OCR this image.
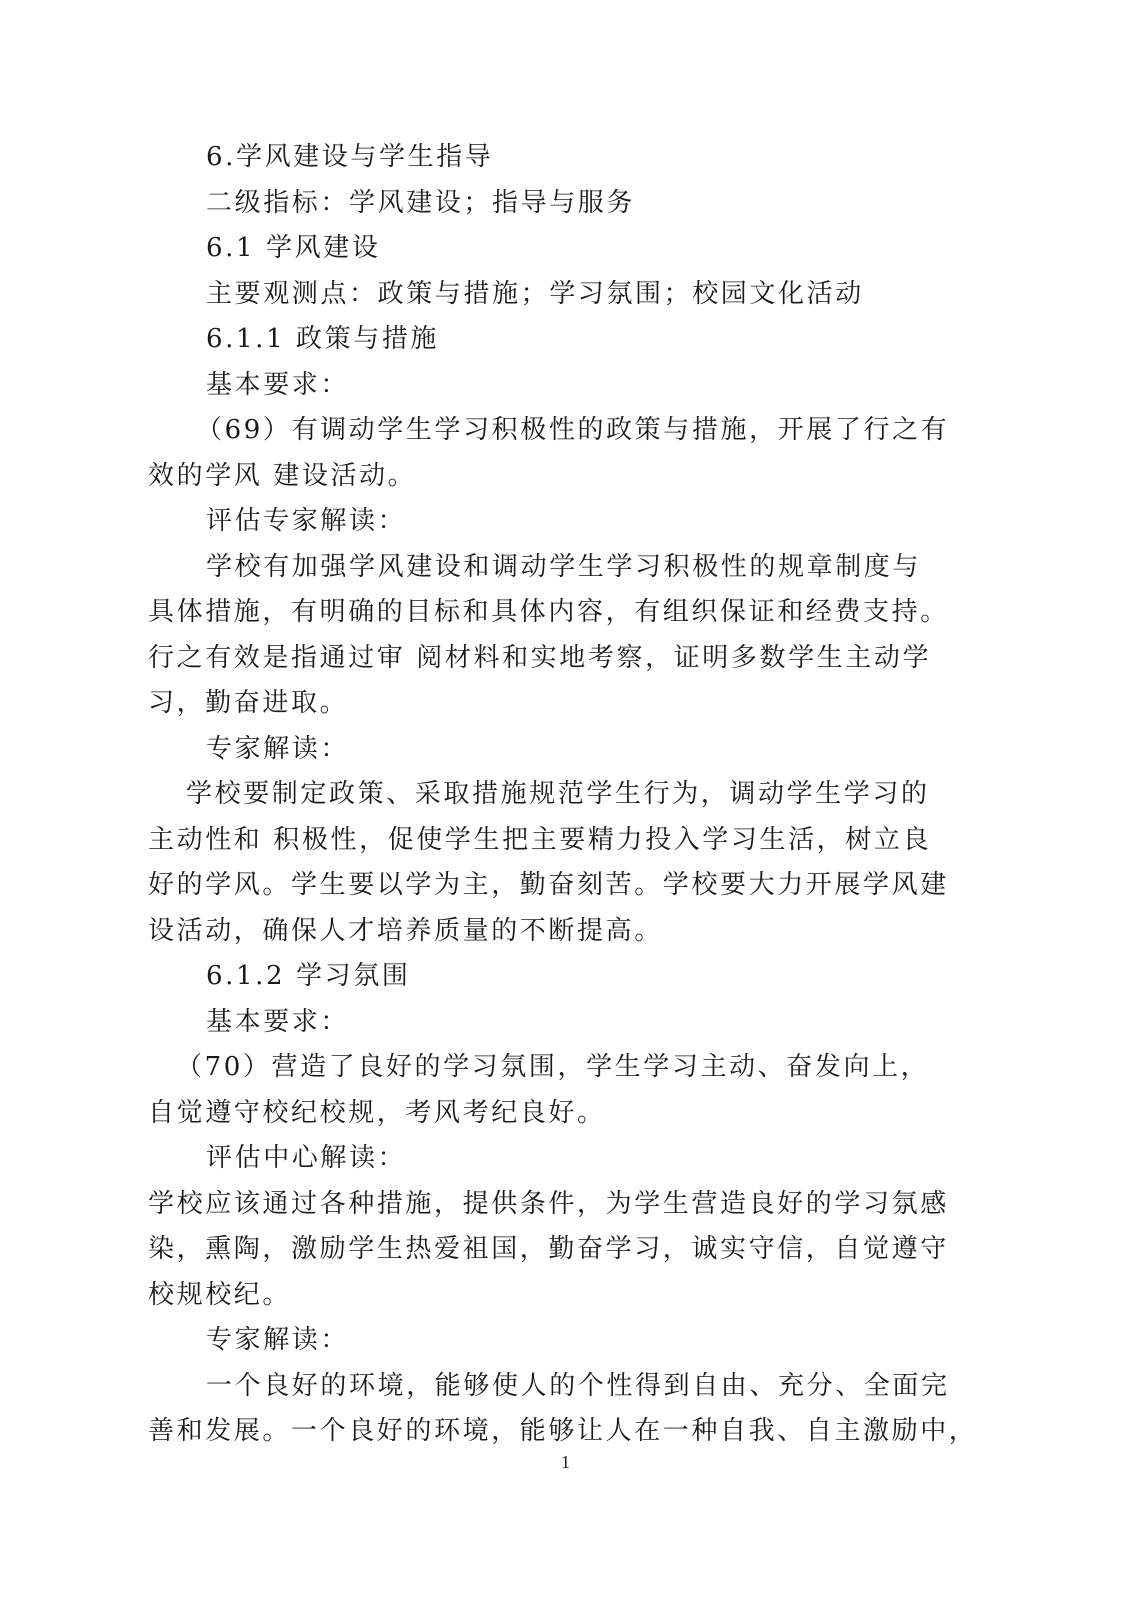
6.学风建设与学生指导
二级指标：学风建设；指导与服务
6.1 学风建设
主要观测点：政策与措施；学习氛围；校园文化活动
6.1.1 政策与措施
基本要求：
（69）有调动学生学习积极性的政策与措施，开展了行之有
效的学风 建设活动。
评估专家解读：
学校有加强学风建设和调动学生学习积极性的规章制度与
具体措施，有明确的目标和具体内容，有组织保证和经费支持。
行之有效是指通过审 阅材料和实地考察，证明多数学生主动学
习，勤奋进取。
专家解读：
学校要制定政策、采取措施规范学生行为，调动学生学习的
主动性和 积极性，促使学生把主要精力投入学习生活，树立良
好的学风。学生要以学为主，勤奋刻苦。学校要大力开展学风建
设活动，确保人才培养质量的不断提高。
6.1.2 学习氛围
基本要求：
（70）营造了良好的学习氛围，学生学习主动、奋发向上，
自觉遵守校纪校规，考风考纪良好。
评估中心解读：
学校应该通过各种措施，提供条件，为学生营造良好的学习氛感
染，熏陶，激励学生热爱祖国，勤奋学习，诚实守信，自觉遵守
校规校纪。
专家解读：
一个良好的环境，能够使人的个性得到自由、充分、全面完
善和发展。一个良好的环境，能够让人在一种自我、自主激励中，
1
